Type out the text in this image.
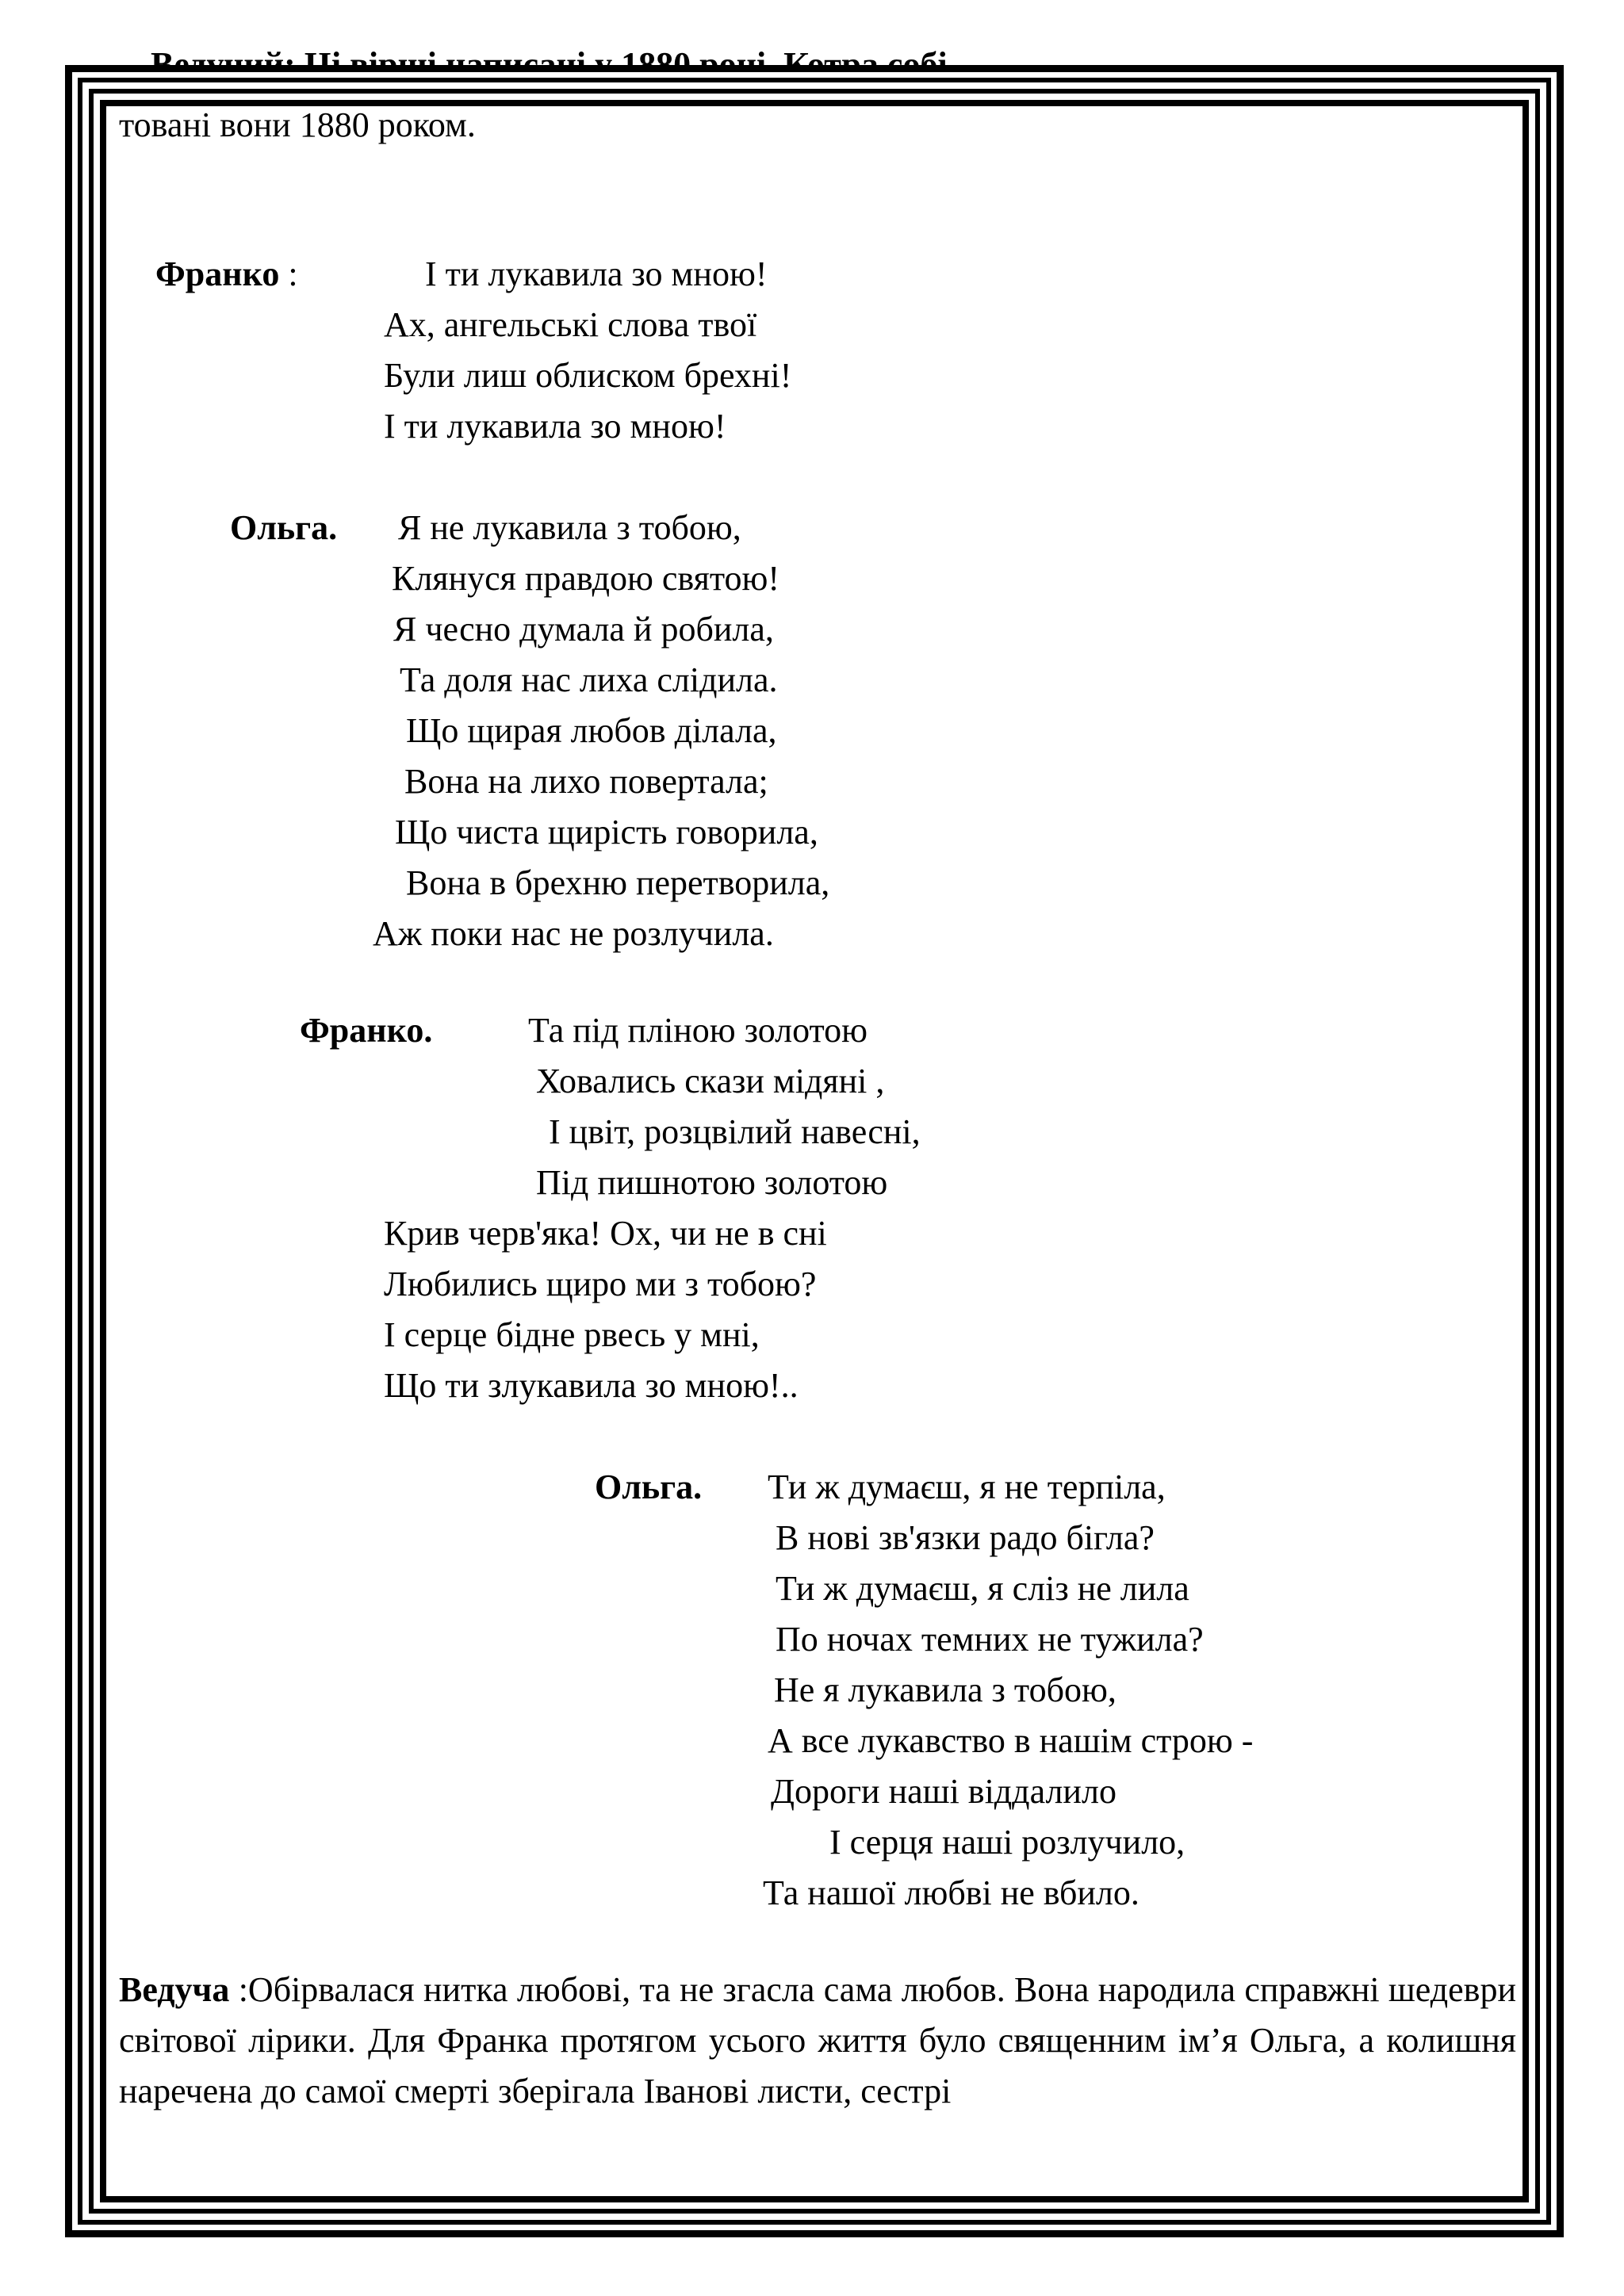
товані вони 1880 роком.
Франко :	І ти лукавила зо мною!
Ах, ангельські слова твої
Були лиш облиском брехні!
І ти лукавила зо мною!
Ольга. Я не лукавила з тобою,
Клянуся правдою святою!
Я чесно думала й робила,
Та доля нас лиха слідила.
Що щирая любов ділала,
Вона на лихо повертала;
Що чиста щирість говорила,
Вона в брехню перетворила,
Аж поки нас не розлучила.
Франко.	Та під пліною золотою
Ховались скази мідяні ,
І цвіт, розцвілий навесні,
Під пишнотою золотою
Крив черв'яка! Ох, чи не в сні
Любились щиро ми з тобою?
І серце бідне рвесь у мні,
Що ти злукавила зо мною!..
Ольга. Ти ж думаєш, я не терпіла,
В нові зв'язки радо бігла?
Ти ж думаєш, я сліз не лила
По ночах темних не тужила?
Не я лукавила з тобою,
А все лукавство в нашім строю -
Дороги наші віддалило
І серця наші розлучило,
Та нашої любві не вбило.
Ведуча :Обірвалася нитка любові, та не згасла сама любов. Вона народила справжні шедеври світової лірики. Для Франка протягом усього життя було священним ім’я Ольга, а колишня наречена до самої смерті зберігала Іванові листи, сестрі
